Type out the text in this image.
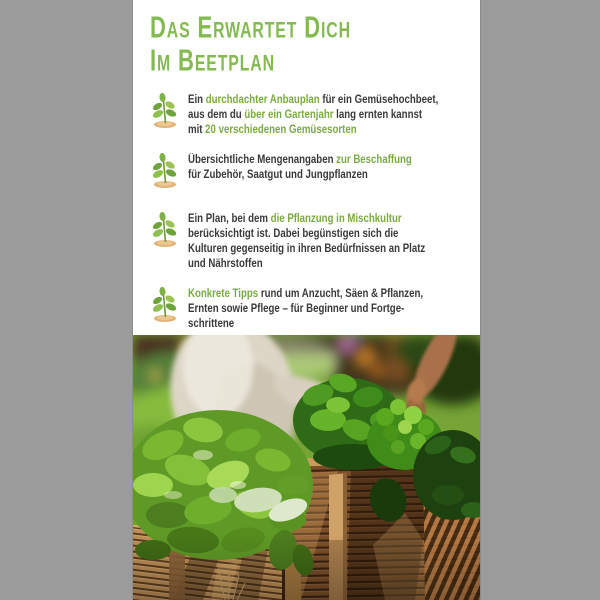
Das Erwartet Dich
Im Beetplan
Ein durchdachter Anbauplan für ein Gemüsehochbeet,
aus dem du über ein Gartenjahr lang ernten kannst
mit 20 verschiedenen Gemüsesorten
Übersichtliche Mengenangaben zur Beschaffung
für Zubehör, Saatgut und Jungpflanzen
Ein Plan, bei dem die Pflanzung in Mischkultur
berücksichtigt ist. Dabei begünstigen sich die
Kulturen gegenseitig in ihren Bedürfnissen an Platz
und Nährstoffen
Konkrete Tipps rund um Anzucht, Säen & Pflanzen,
Ernten sowie Pflege – für Beginner und Fortge-
schrittene
